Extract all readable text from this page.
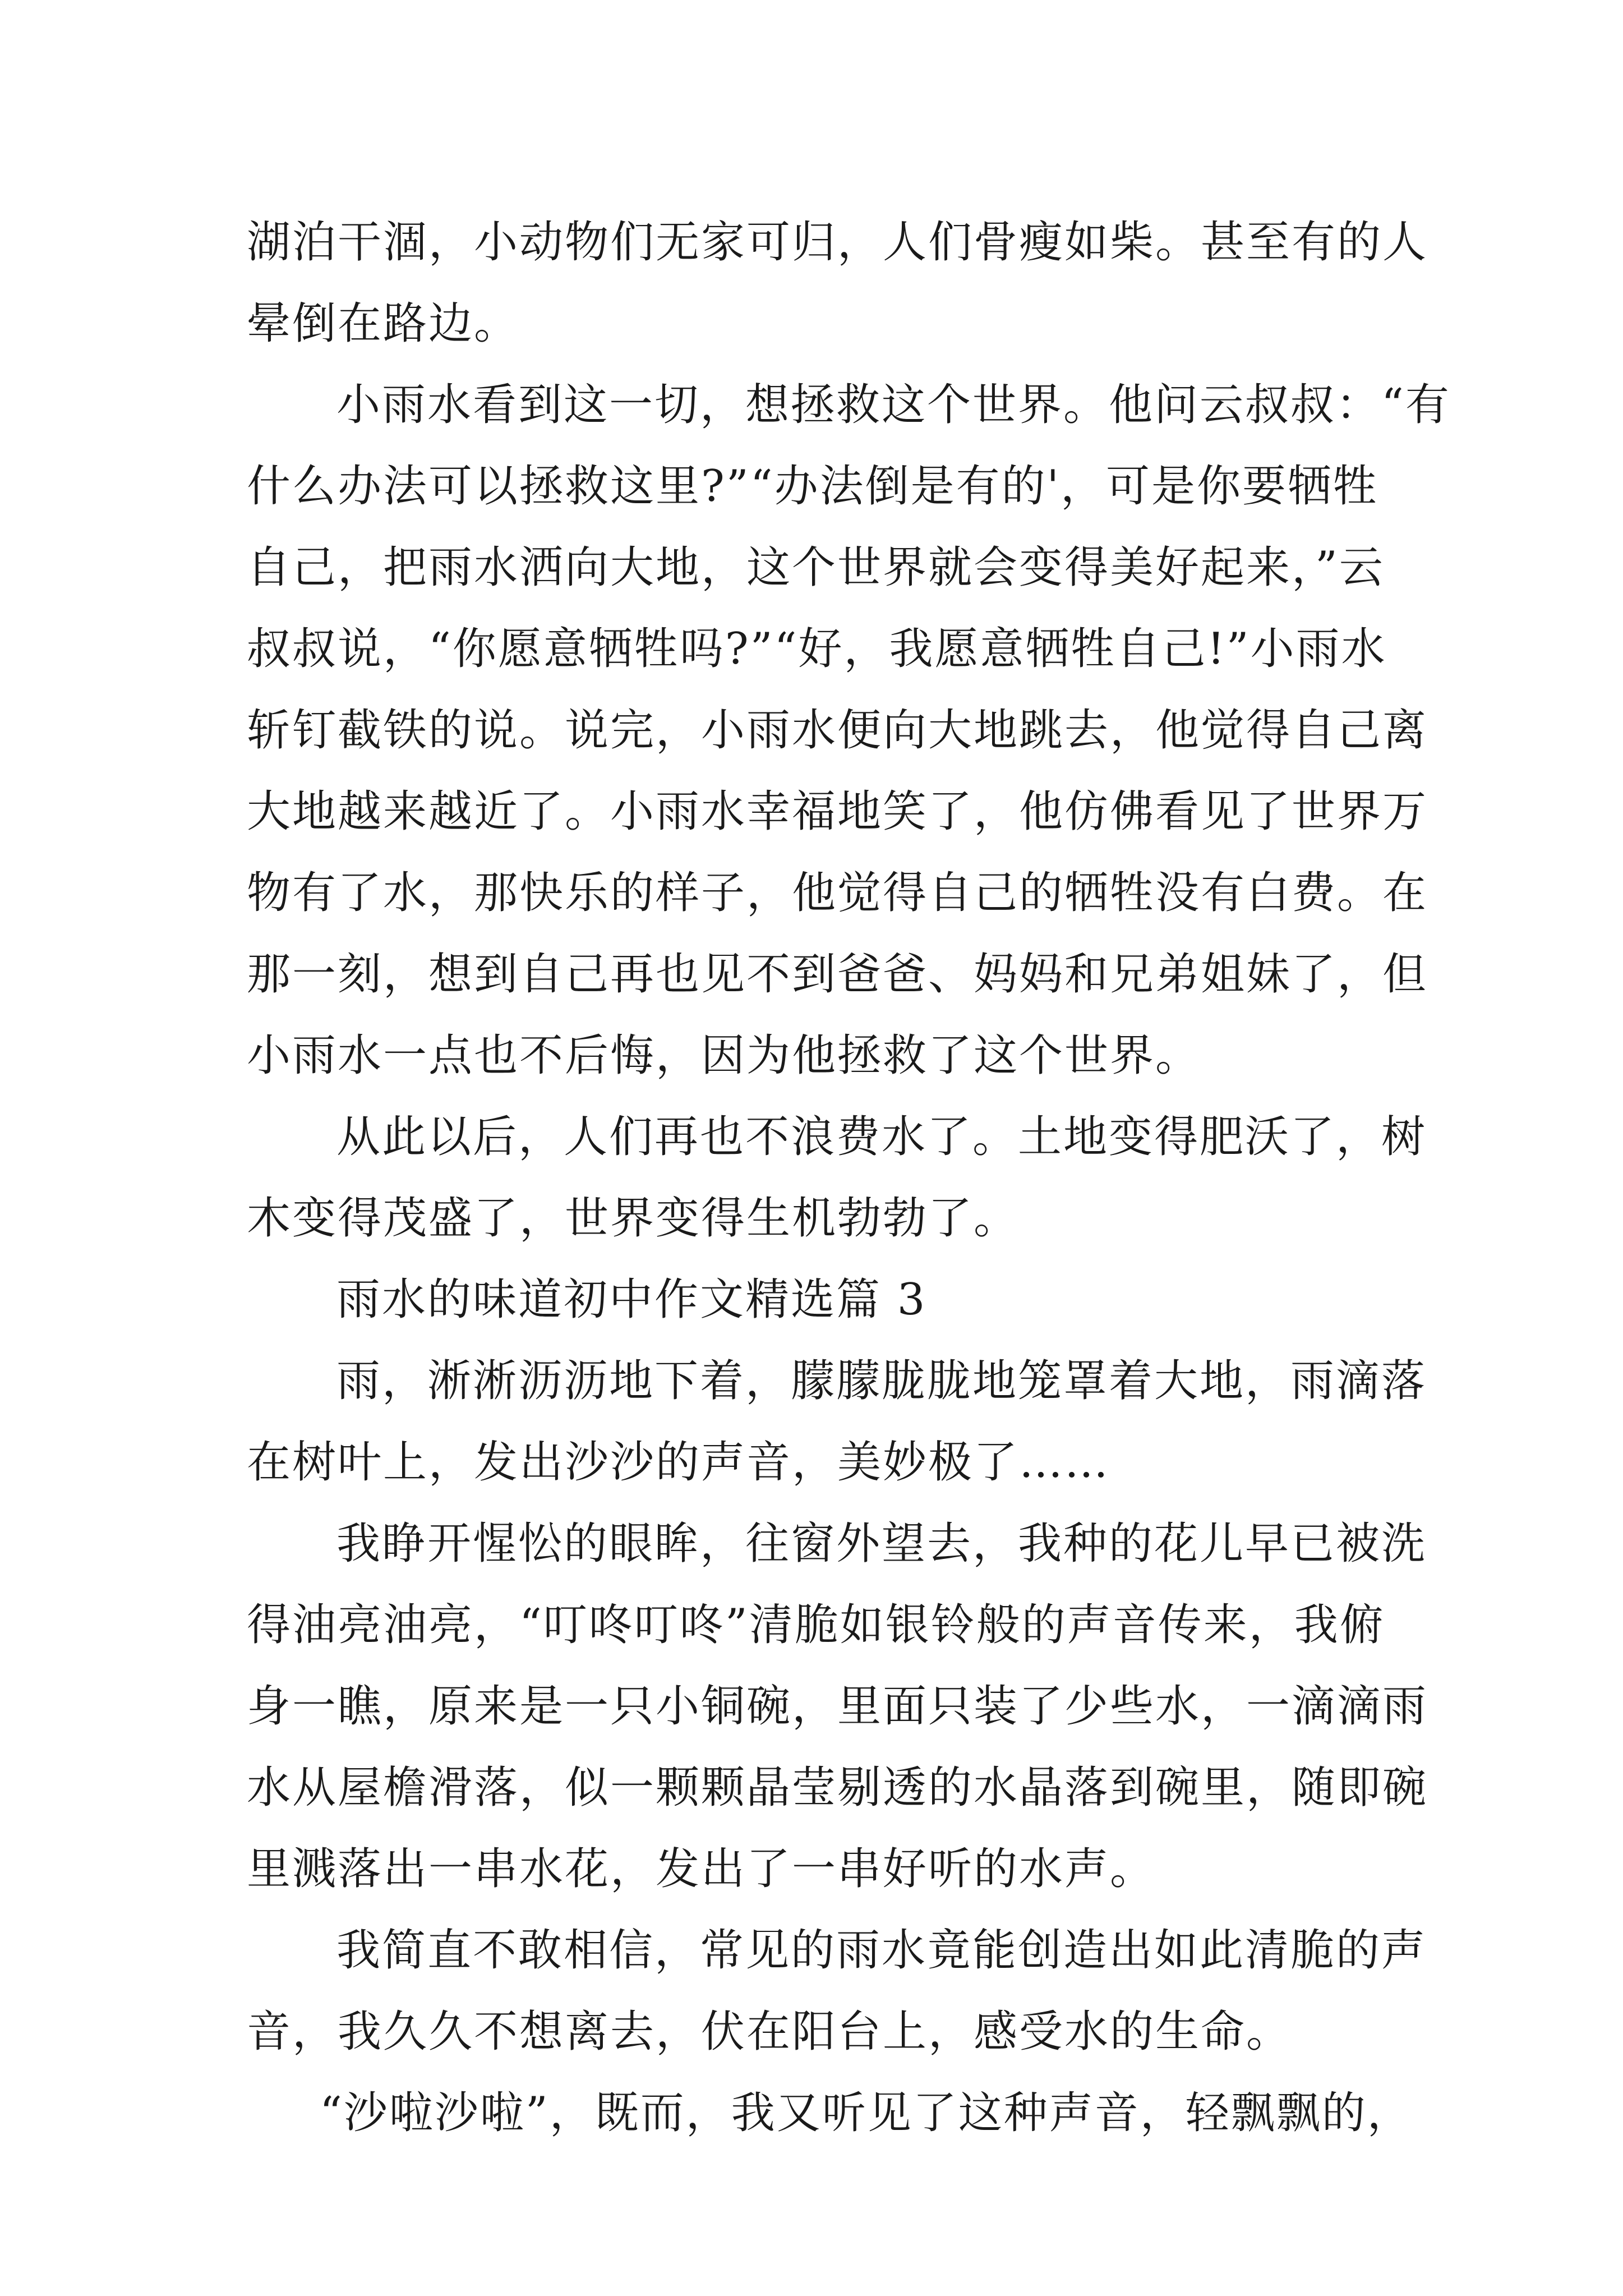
湖泊干涸，小动物们无家可归，人们骨瘦如柴。甚至有的人
晕倒在路边。
小雨水看到这一切，想拯救这个世界。他问云叔叔：“有
什么办法可以拯救这里?”“办法倒是有的'，可是你要牺牲
自己，把雨水洒向大地，这个世界就会变得美好起来，”云
叔叔说，“你愿意牺牲吗?”“好，我愿意牺牲自己!”小雨水
斩钉截铁的说。说完，小雨水便向大地跳去，他觉得自己离
大地越来越近了。小雨水幸福地笑了，他仿佛看见了世界万
物有了水，那快乐的样子，他觉得自己的牺牲没有白费。在
那一刻，想到自己再也见不到爸爸、妈妈和兄弟姐妹了，但
小雨水一点也不后悔，因为他拯救了这个世界。
从此以后，人们再也不浪费水了。土地变得肥沃了，树
木变得茂盛了，世界变得生机勃勃了。
雨水的味道初中作文精选篇 3
雨，淅淅沥沥地下着，朦朦胧胧地笼罩着大地，雨滴落
在树叶上，发出沙沙的声音，美妙极了……
我睁开惺忪的眼眸，往窗外望去，我种的花儿早已被洗
得油亮油亮，“叮咚叮咚”清脆如银铃般的声音传来，我俯
身一瞧，原来是一只小铜碗，里面只装了少些水，一滴滴雨
水从屋檐滑落，似一颗颗晶莹剔透的水晶落到碗里，随即碗
里溅落出一串水花，发出了一串好听的水声。
我简直不敢相信，常见的雨水竟能创造出如此清脆的声
音，我久久不想离去，伏在阳台上，感受水的生命。
“沙啦沙啦”，既而，我又听见了这种声音，轻飘飘的，
